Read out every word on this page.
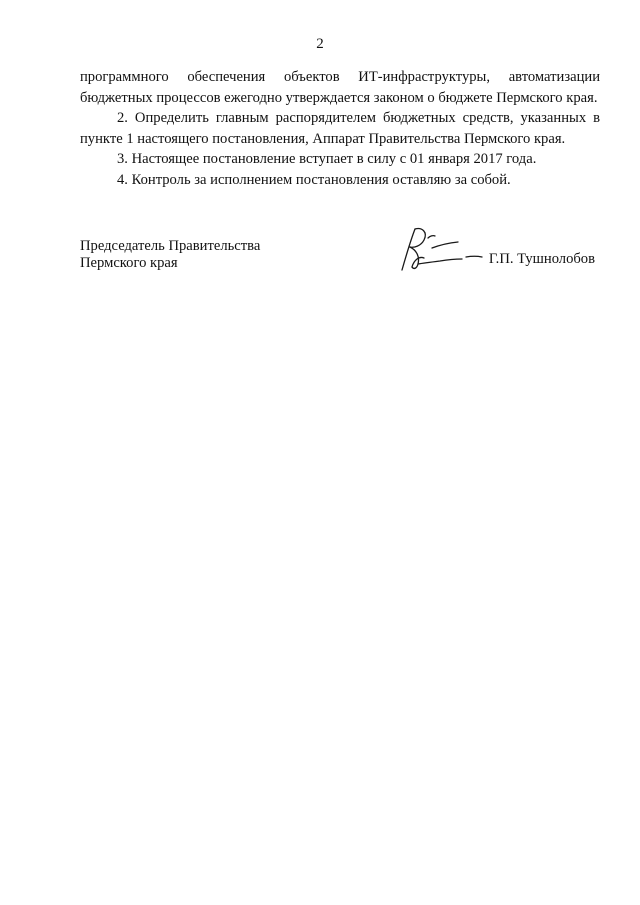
2

программного обеспечения объектов ИТ-инфраструктуры, автоматизации бюджетных процессов ежегодно утверждается законом о бюджете Пермского края.

2. Определить главным распорядителем бюджетных средств, указанных в пункте 1 настоящего постановления, Аппарат Правительства Пермского края.

3. Настоящее постановление вступает в силу с 01 января 2017 года.

4. Контроль за исполнением постановления оставляю за собой.

Председатель Правительства
Пермского края	Г.П. Тушнолобов
